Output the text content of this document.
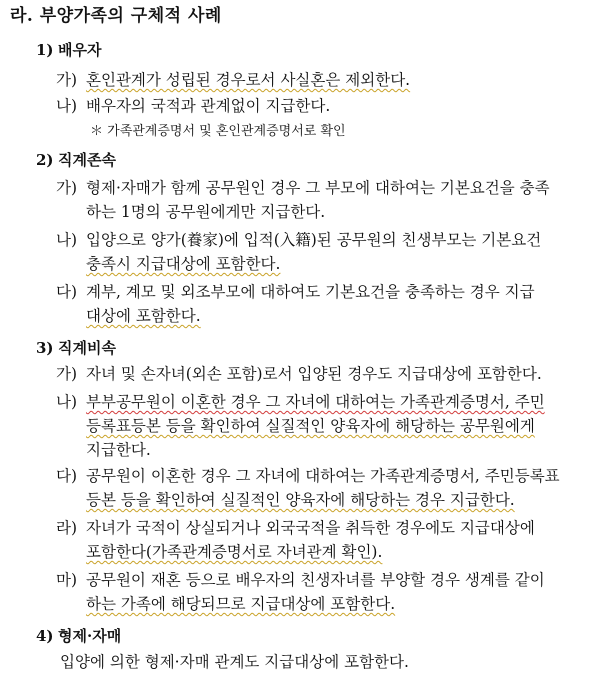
라. 부양가족의 구체적 사례
1) 배우자
가) 혼인관계가 성립된 경우로서 사실혼은 제외한다.
나) 배우자의 국적과 관계없이 지급한다.
＊ 가족관계증명서 및 혼인관계증명서로 확인
2) 직계존속
가) 형제·자매가 함께 공무원인 경우 그 부모에 대하여는 기본요건을 충족
하는 1명의 공무원에게만 지급한다.
나) 입양으로 양가(養家)에 입적(入籍)된 공무원의 친생부모는 기본요건
충족시 지급대상에 포함한다.
다) 계부, 계모 및 외조부모에 대하여도 기본요건을 충족하는 경우 지급
대상에 포함한다.
3) 직계비속
가) 자녀 및 손자녀(외손 포함)로서 입양된 경우도 지급대상에 포함한다.
나) 부부공무원이 이혼한 경우 그 자녀에 대하여는 가족관계증명서, 주민
등록표등본 등을 확인하여 실질적인 양육자에 해당하는 공무원에게
지급한다.
다) 공무원이 이혼한 경우 그 자녀에 대하여는 가족관계증명서, 주민등록표
등본 등을 확인하여 실질적인 양육자에 해당하는 경우 지급한다.
라) 자녀가 국적이 상실되거나 외국국적을 취득한 경우에도 지급대상에
포함한다(가족관계증명서로 자녀관계 확인).
마) 공무원이 재혼 등으로 배우자의 친생자녀를 부양할 경우 생계를 같이
하는 가족에 해당되므로 지급대상에 포함한다.
4) 형제·자매
입양에 의한 형제·자매 관계도 지급대상에 포함한다.
